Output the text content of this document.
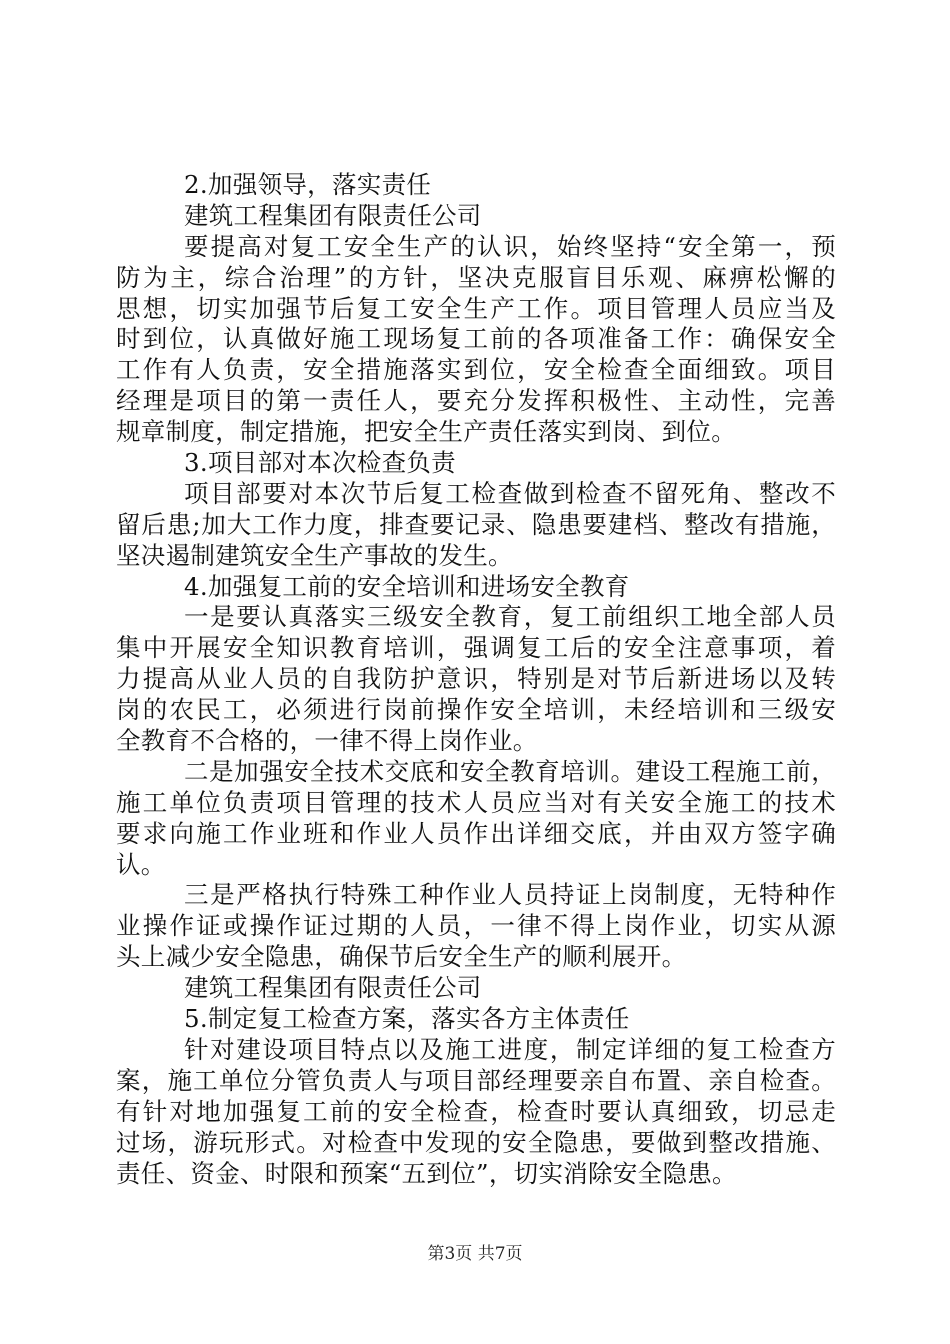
2.加强领导，落实责任
建筑工程集团有限责任公司
要提高对复工安全生产的认识，始终坚持“安全第一，预
防为主，综合治理”的方针，坚决克服盲目乐观、麻痹松懈的
思想，切实加强节后复工安全生产工作。项目管理人员应当及
时到位，认真做好施工现场复工前的各项准备工作：确保安全
工作有人负责，安全措施落实到位，安全检查全面细致。项目
经理是项目的第一责任人，要充分发挥积极性、主动性，完善
规章制度，制定措施，把安全生产责任落实到岗、到位。
3.项目部对本次检查负责
项目部要对本次节后复工检查做到检查不留死角、整改不
留后患;加大工作力度，排查要记录、隐患要建档、整改有措施，
坚决遏制建筑安全生产事故的发生。
4.加强复工前的安全培训和进场安全教育
一是要认真落实三级安全教育，复工前组织工地全部人员
集中开展安全知识教育培训，强调复工后的安全注意事项，着
力提高从业人员的自我防护意识，特别是对节后新进场以及转
岗的农民工，必须进行岗前操作安全培训，未经培训和三级安
全教育不合格的，一律不得上岗作业。
二是加强安全技术交底和安全教育培训。建设工程施工前，
施工单位负责项目管理的技术人员应当对有关安全施工的技术
要求向施工作业班和作业人员作出详细交底，并由双方签字确
认。
三是严格执行特殊工种作业人员持证上岗制度，无特种作
业操作证或操作证过期的人员，一律不得上岗作业，切实从源
头上减少安全隐患，确保节后安全生产的顺利展开。
建筑工程集团有限责任公司
5.制定复工检查方案，落实各方主体责任
针对建设项目特点以及施工进度，制定详细的复工检查方
案，施工单位分管负责人与项目部经理要亲自布置、亲自检查。
有针对地加强复工前的安全检查，检查时要认真细致，切忌走
过场，游玩形式。对检查中发现的安全隐患，要做到整改措施、
责任、资金、时限和预案“五到位”，切实消除安全隐患。
第3页 共7页
